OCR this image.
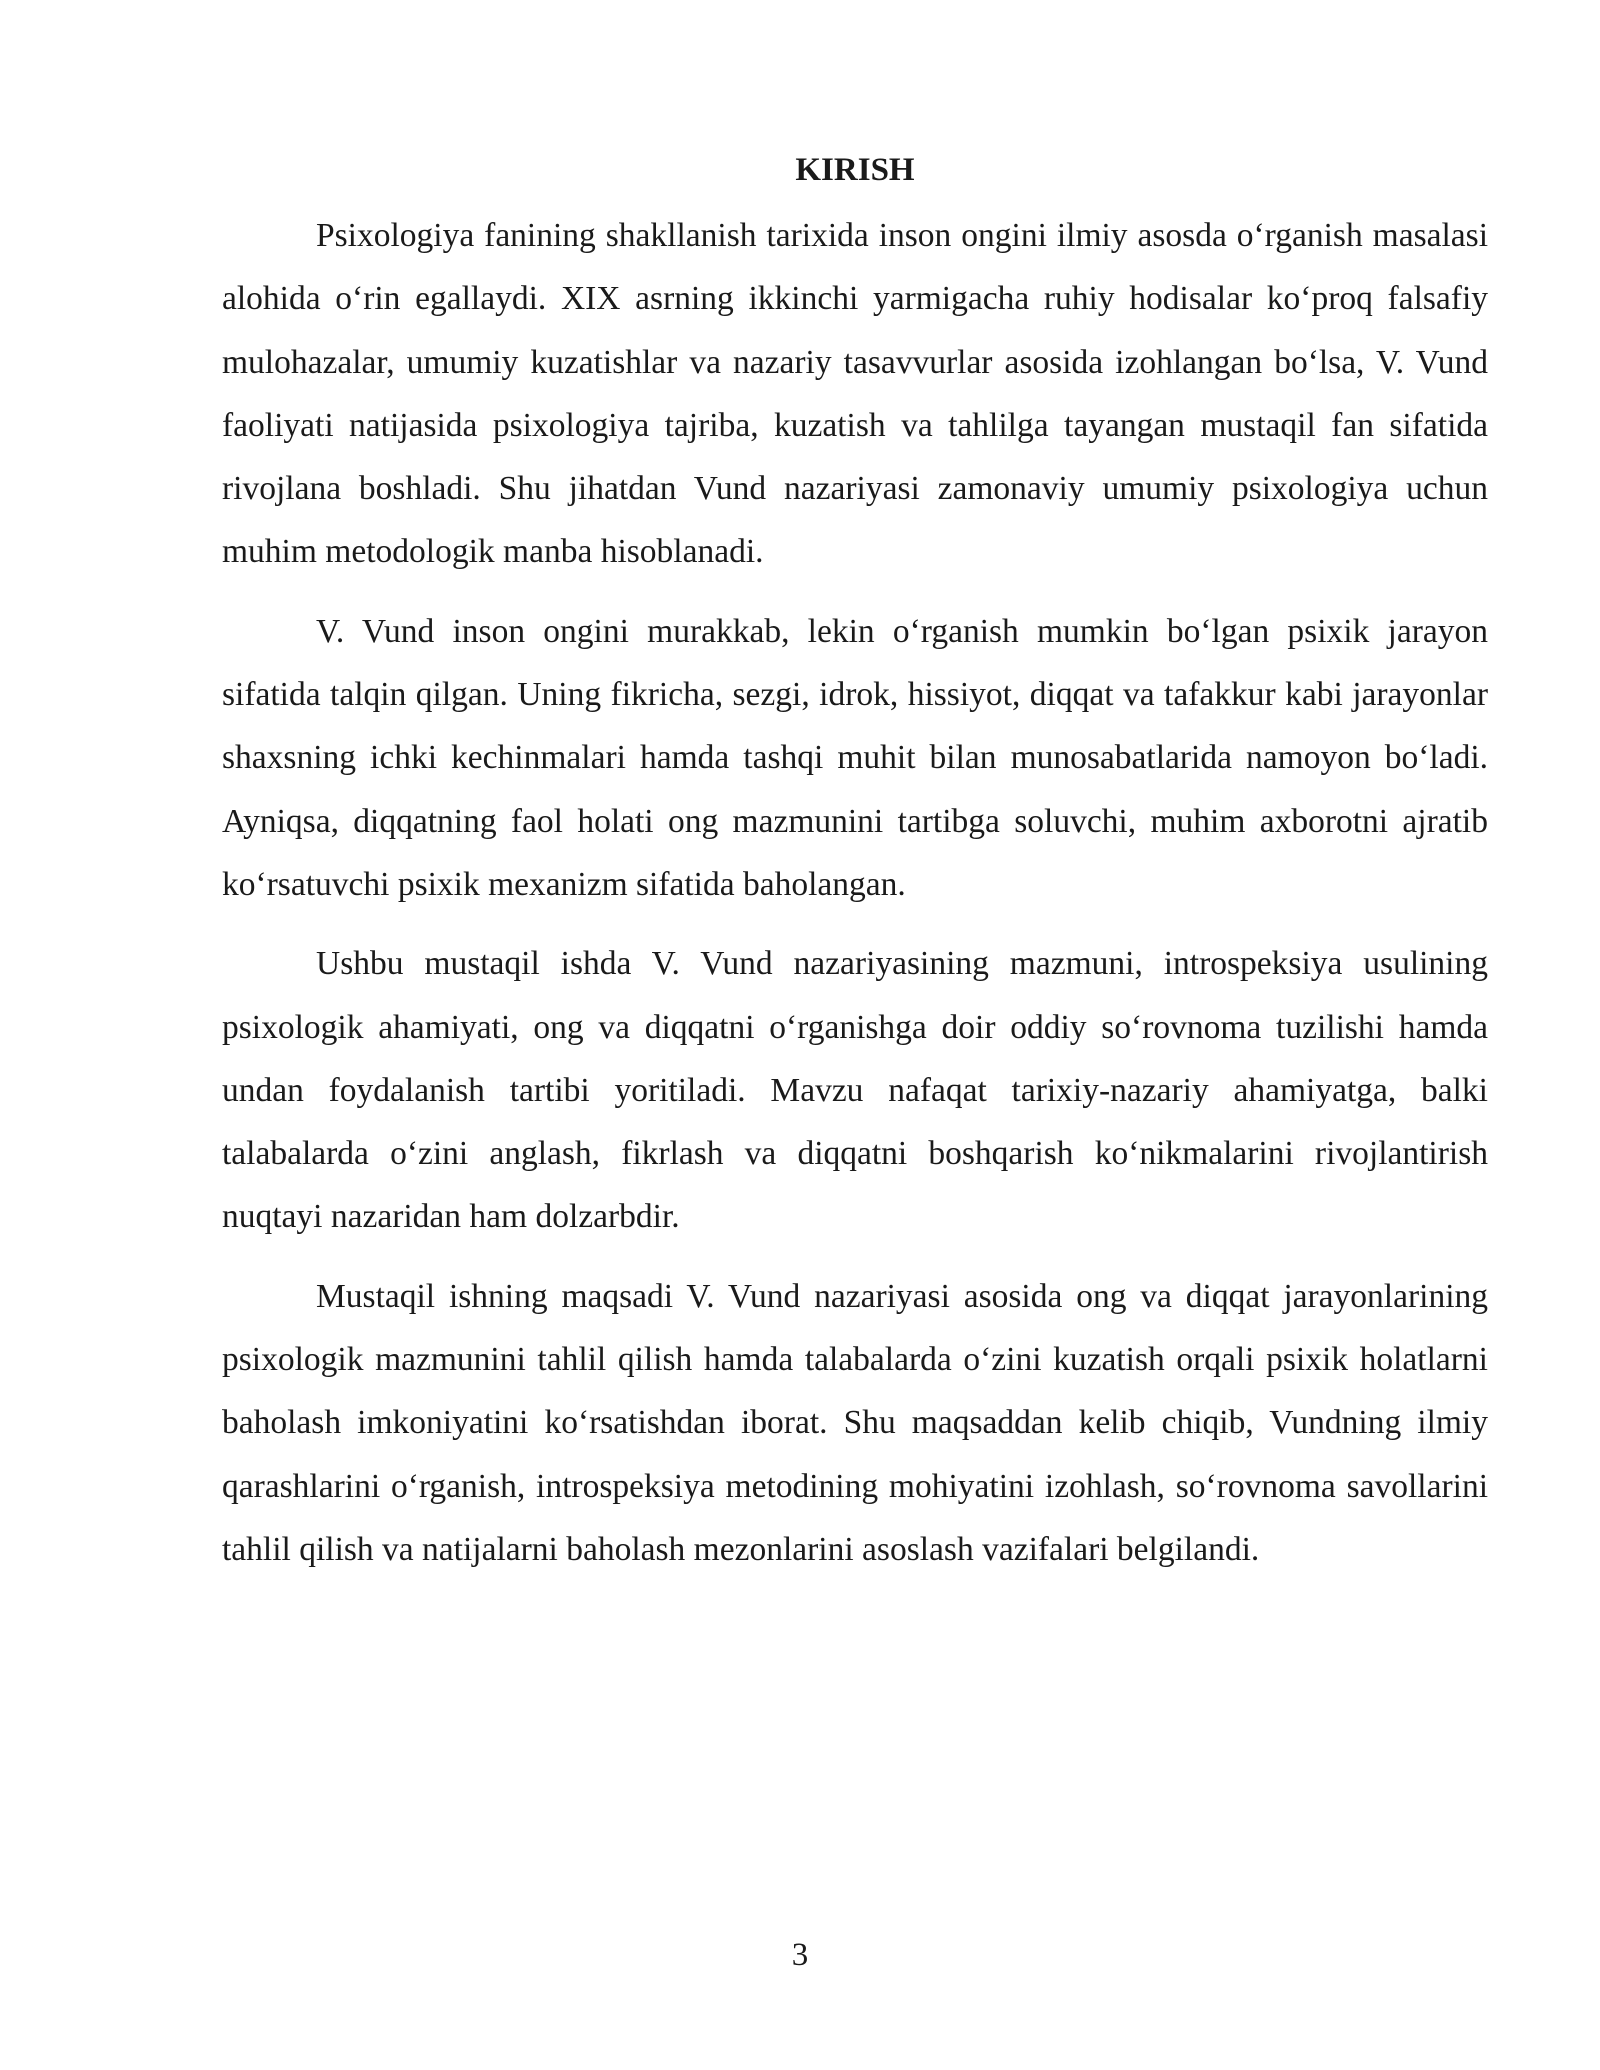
KIRISH

Psixologiya fanining shakllanish tarixida inson ongini ilmiy asosda o‘rganish masalasi alohida o‘rin egallaydi. XIX asrning ikkinchi yarmigacha ruhiy hodisalar ko‘proq falsafiy mulohazalar, umumiy kuzatishlar va nazariy tasavvurlar asosida izohlangan bo‘lsa, V. Vund faoliyati natijasida psixologiya tajriba, kuzatish va tahlilga tayangan mustaqil fan sifatida rivojlana boshladi. Shu jihatdan Vund nazariyasi zamonaviy umumiy psixologiya uchun muhim metodologik manba hisoblanadi.

V. Vund inson ongini murakkab, lekin o‘rganish mumkin bo‘lgan psixik jarayon sifatida talqin qilgan. Uning fikricha, sezgi, idrok, hissiyot, diqqat va tafakkur kabi jarayonlar shaxsning ichki kechinmalari hamda tashqi muhit bilan munosabatlarida namoyon bo‘ladi. Ayniqsa, diqqatning faol holati ong mazmunini tartibga soluvchi, muhim axborotni ajratib ko‘rsatuvchi psixik mexanizm sifatida baholangan.

Ushbu mustaqil ishda V. Vund nazariyasining mazmuni, introspeksiya usulining psixologik ahamiyati, ong va diqqatni o‘rganishga doir oddiy so‘rovnoma tuzilishi hamda undan foydalanish tartibi yoritiladi. Mavzu nafaqat tarixiy-nazariy ahamiyatga, balki talabalarda o‘zini anglash, fikrlash va diqqatni boshqarish ko‘nikmalarini rivojlantirish nuqtayi nazaridan ham dolzarbdir.

Mustaqil ishning maqsadi V. Vund nazariyasi asosida ong va diqqat jarayonlarining psixologik mazmunini tahlil qilish hamda talabalarda o‘zini kuzatish orqali psixik holatlarni baholash imkoniyatini ko‘rsatishdan iborat. Shu maqsaddan kelib chiqib, Vundning ilmiy qarashlarini o‘rganish, introspeksiya metodining mohiyatini izohlash, so‘rovnoma savollarini tahlil qilish va natijalarni baholash mezonlarini asoslash vazifalari belgilandi.

3
